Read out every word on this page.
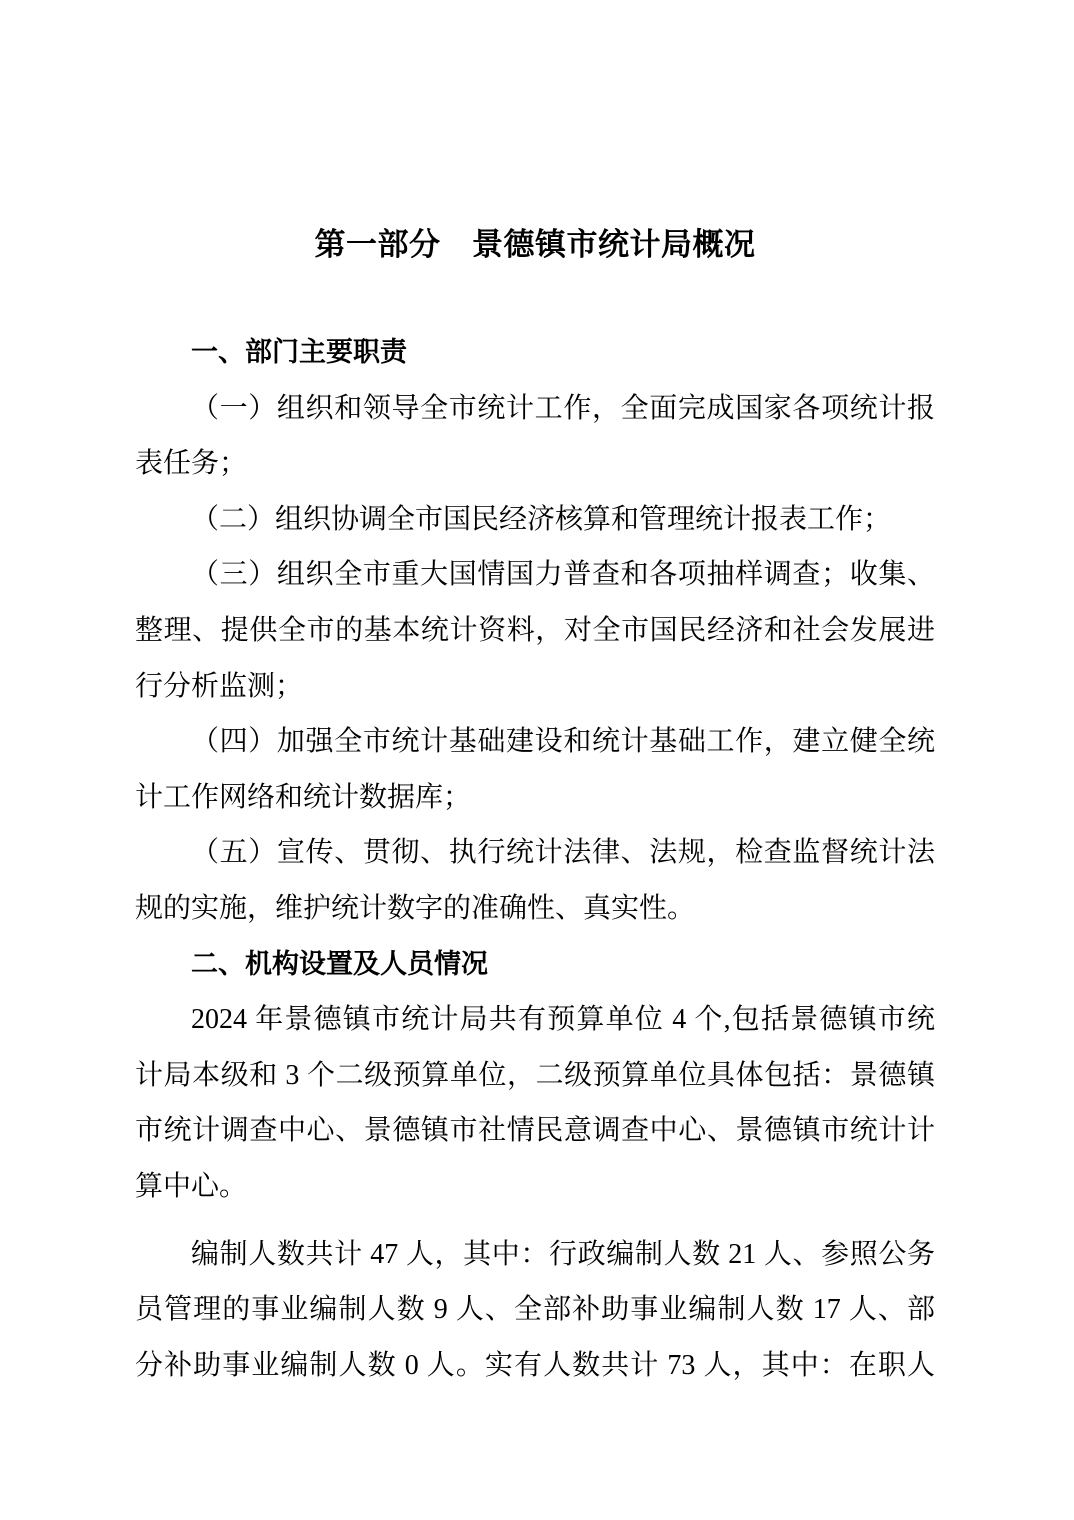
第一部分　景德镇市统计局概况
一、部门主要职责
（一）组织和领导全市统计工作，全面完成国家各项统计报
表任务；
（二）组织协调全市国民经济核算和管理统计报表工作；
（三）组织全市重大国情国力普查和各项抽样调查；收集、
整理、提供全市的基本统计资料，对全市国民经济和社会发展进
行分析监测；
（四）加强全市统计基础建设和统计基础工作，建立健全统
计工作网络和统计数据库；
（五）宣传、贯彻、执行统计法律、法规，检查监督统计法
规的实施，维护统计数字的准确性、真实性。
二、机构设置及人员情况
2024 年景德镇市统计局共有预算单位 4 个,包括景德镇市统
计局本级和 3 个二级预算单位，二级预算单位具体包括：景德镇
市统计调查中心、景德镇市社情民意调查中心、景德镇市统计计
算中心。
编制人数共计 47 人，其中：行政编制人数 21 人、参照公务
员管理的事业编制人数 9 人、全部补助事业编制人数 17 人、部
分补助事业编制人数 0 人。实有人数共计 73 人，其中：在职人
